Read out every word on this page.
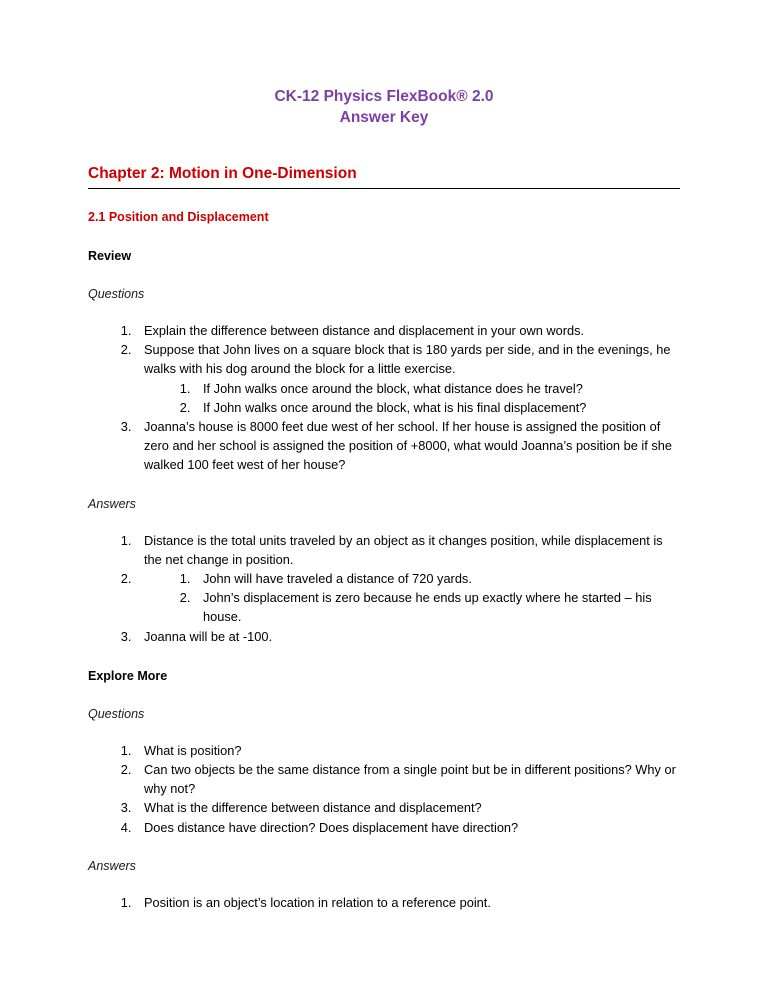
CK-12 Physics FlexBook® 2.0
Answer Key
Chapter 2: Motion in One-Dimension
2.1 Position and Displacement
Review

Questions

1. Explain the difference between distance and displacement in your own words.
2. Suppose that John lives on a square block that is 180 yards per side, and in the evenings, he walks with his dog around the block for a little exercise.
1. If John walks once around the block, what distance does he travel?
2. If John walks once around the block, what is his final displacement?
3. Joanna’s house is 8000 feet due west of her school. If her house is assigned the position of zero and her school is assigned the position of +8000, what would Joanna’s position be if she walked 100 feet west of her house?

Answers

1. Distance is the total units traveled by an object as it changes position, while displacement is the net change in position.
1. 2. John will have traveled a distance of 720 yards.
2. John’s displacement is zero because he ends up exactly where he started – his house.
3. Joanna will be at -100.
Explore More

Questions

1. What is position?
2. Can two objects be the same distance from a single point but be in different positions? Why or why not?
3. What is the difference between distance and displacement?
4. Does distance have direction? Does displacement have direction?

Answers

1. Position is an object’s location in relation to a reference point.
